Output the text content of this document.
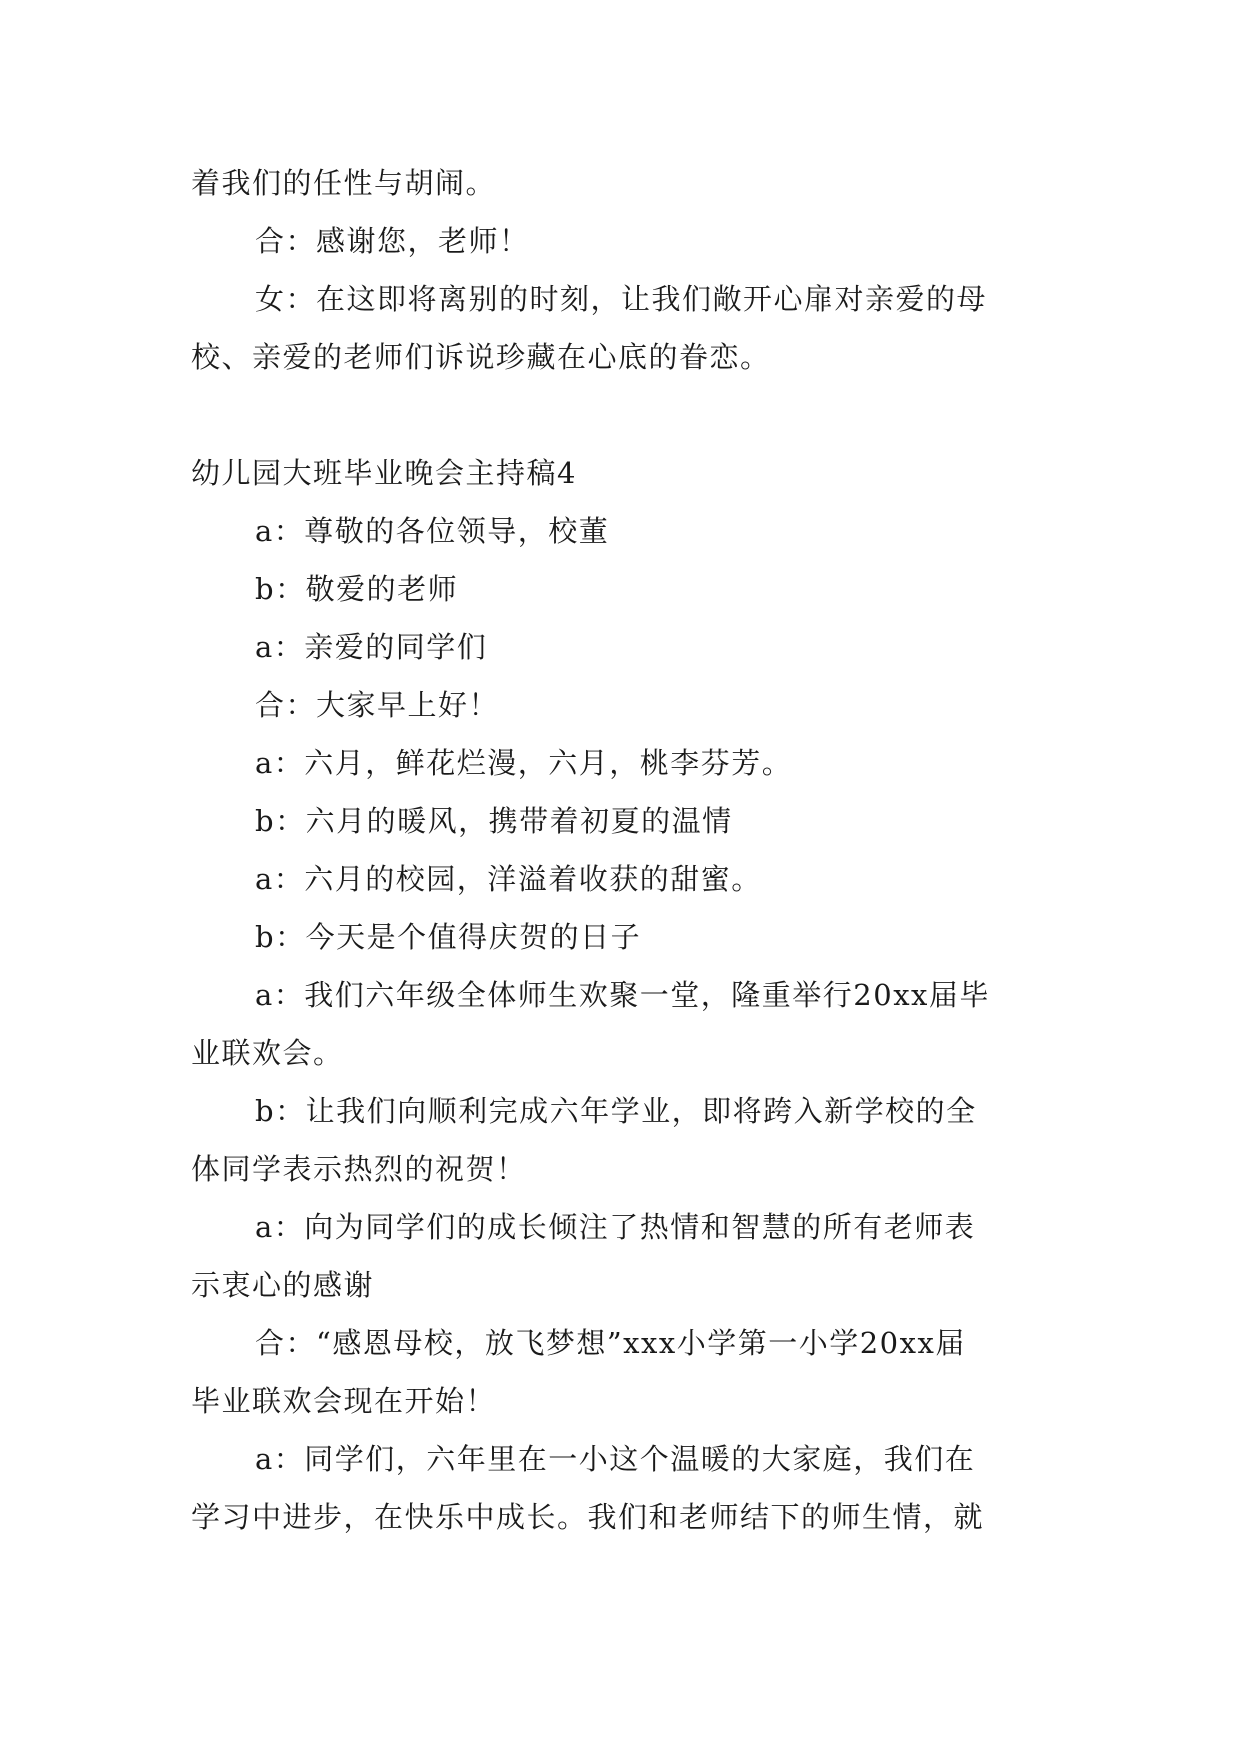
着我们的任性与胡闹。
合：感谢您，老师！
女：在这即将离别的时刻，让我们敞开心扉对亲爱的母
校、亲爱的老师们诉说珍藏在心底的眷恋。
幼儿园大班毕业晚会主持稿4
a：尊敬的各位领导，校董
b：敬爱的老师
a：亲爱的同学们
合：大家早上好！
a：六月，鲜花烂漫，六月，桃李芬芳。
b：六月的暖风，携带着初夏的温情
a：六月的校园，洋溢着收获的甜蜜。
b：今天是个值得庆贺的日子
a：我们六年级全体师生欢聚一堂，隆重举行20xx届毕
业联欢会。
b：让我们向顺利完成六年学业，即将跨入新学校的全
体同学表示热烈的祝贺！
a：向为同学们的成长倾注了热情和智慧的所有老师表
示衷心的感谢
合：“感恩母校，放飞梦想”xxx小学第一小学20xx届
毕业联欢会现在开始！
a：同学们，六年里在一小这个温暖的大家庭，我们在
学习中进步，在快乐中成长。我们和老师结下的师生情，就
